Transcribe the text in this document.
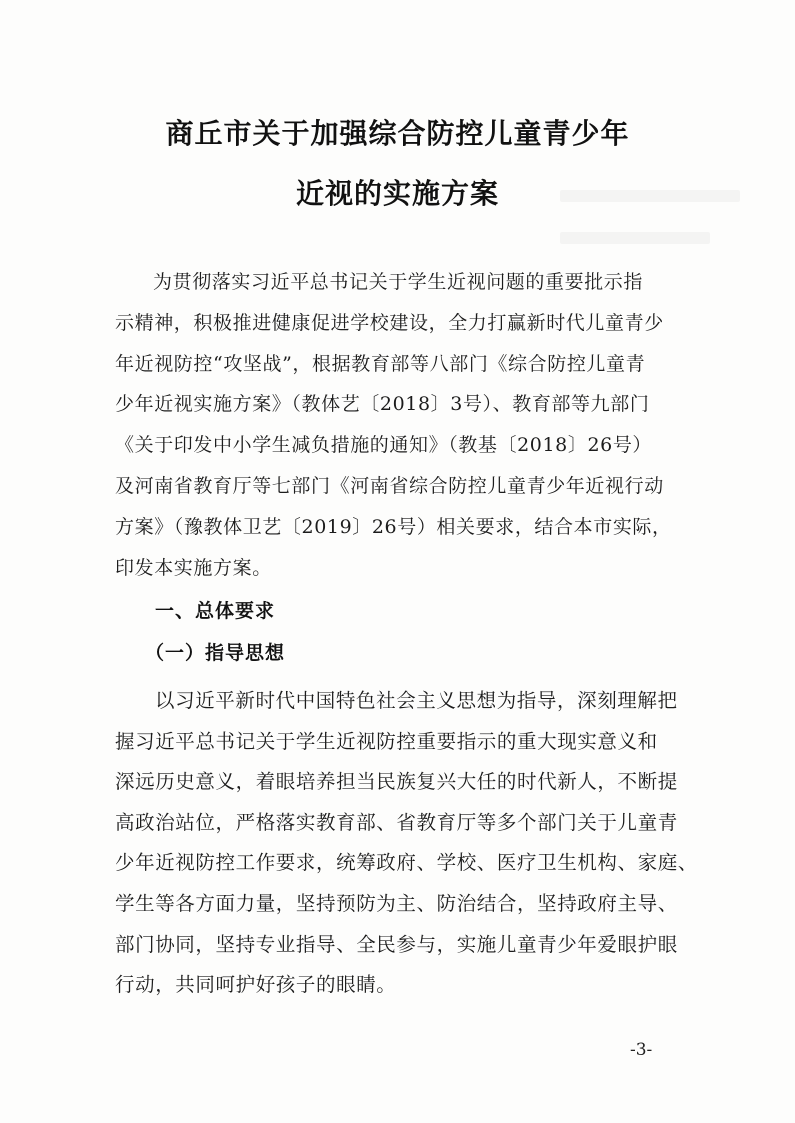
商丘市关于加强综合防控儿童青少年
近视的实施方案
为贯彻落实习近平总书记关于学生近视问题的重要批示指
示精神，积极推进健康促进学校建设，全力打赢新时代儿童青少
年近视防控“攻坚战”，根据教育部等八部门《综合防控儿童青
少年近视实施方案》（教体艺〔2018〕3号）、教育部等九部门
《关于印发中小学生减负措施的通知》（教基〔2018〕26号）
及河南省教育厅等七部门《河南省综合防控儿童青少年近视行动
方案》（豫教体卫艺〔2019〕26号）相关要求，结合本市实际，
印发本实施方案。
一、总体要求
（一）指导思想
以习近平新时代中国特色社会主义思想为指导，深刻理解把
握习近平总书记关于学生近视防控重要指示的重大现实意义和
深远历史意义，着眼培养担当民族复兴大任的时代新人，不断提
高政治站位，严格落实教育部、省教育厅等多个部门关于儿童青
少年近视防控工作要求，统筹政府、学校、医疗卫生机构、家庭、
学生等各方面力量，坚持预防为主、防治结合，坚持政府主导、
部门协同，坚持专业指导、全民参与，实施儿童青少年爱眼护眼
行动，共同呵护好孩子的眼睛。
-3-
